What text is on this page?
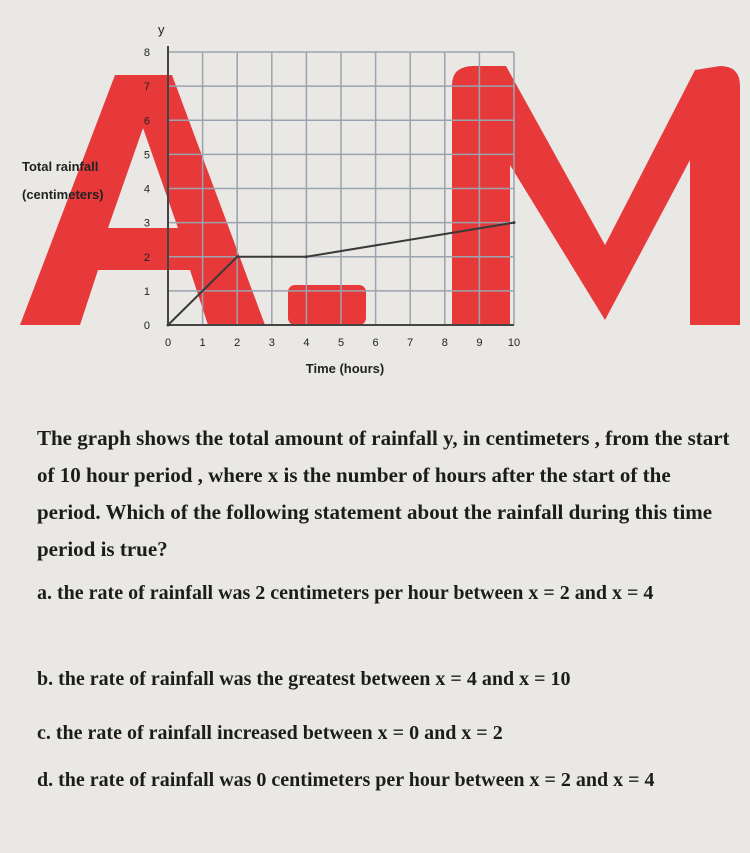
0	1	2	3	4	5	6	7	8	9 10
0
1
2
3
4
5
6
7
8
y
Time (hours)
Total rainfall
(centimeters)
The graph shows the total amount of rainfall y, in centimeters , from the start of 10 hour period , where x is the number of hours after the start of the period. Which of the following statement about the rainfall during this time period is true?
a. the rate of rainfall was 2 centimeters per hour between x = 2 and x = 4
b. the rate of rainfall was the greatest between x = 4 and x = 10
c. the rate of rainfall increased between x = 0 and x = 2
d. the rate of rainfall was 0 centimeters per hour between x = 2 and x = 4
